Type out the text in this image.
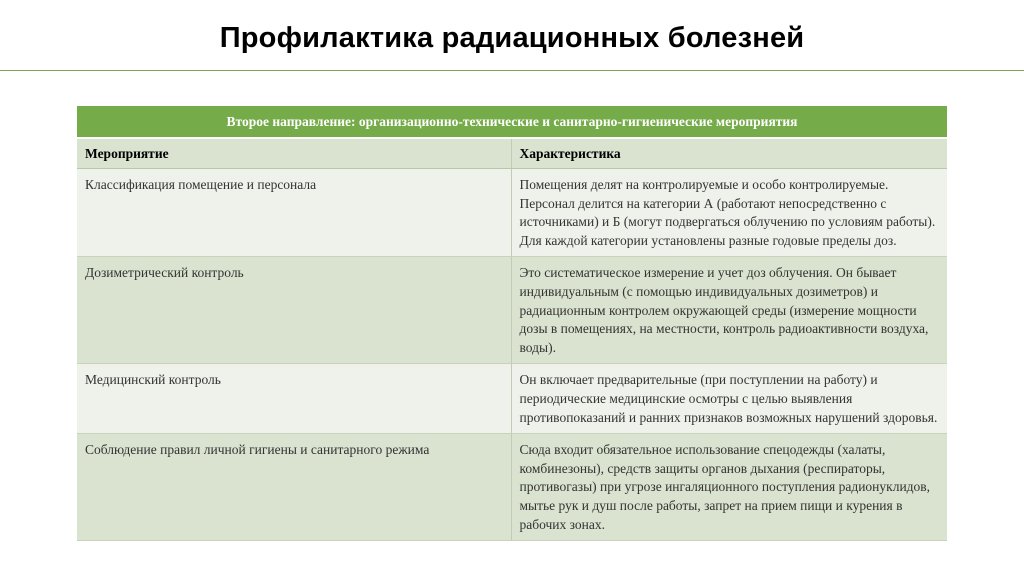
Профилактика радиационных болезней
Второе направление: организационно-технические и санитарно-гигиенические мероприятия	
Мероприятие	Характеристика
Классификация помещение и персонала	Помещения делят на контролируемые и особо контролируемые. Персонал делится на категории А (работают непосредственно с источниками) и Б (могут подвергаться облучению по условиям работы). Для каждой категории установлены разные годовые пределы доз.
Дозиметрический контроль	Это систематическое измерение и учет доз облучения. Он бывает индивидуальным (с помощью индивидуальных дозиметров) и радиационным контролем окружающей среды (измерение мощности дозы в помещениях, на местности, контроль радиоактивности воздуха, воды).
Медицинский контроль	Он включает предварительные (при поступлении на работу) и периодические медицинские осмотры с целью выявления противопоказаний и ранних признаков возможных нарушений здоровья.
Соблюдение правил личной гигиены и санитарного режима	Сюда входит обязательное использование спецодежды (халаты, комбинезоны), средств защиты органов дыхания (респираторы, противогазы) при угрозе ингаляционного поступления радионуклидов, мытье рук и душ после работы, запрет на прием пищи и курения в рабочих зонах.
